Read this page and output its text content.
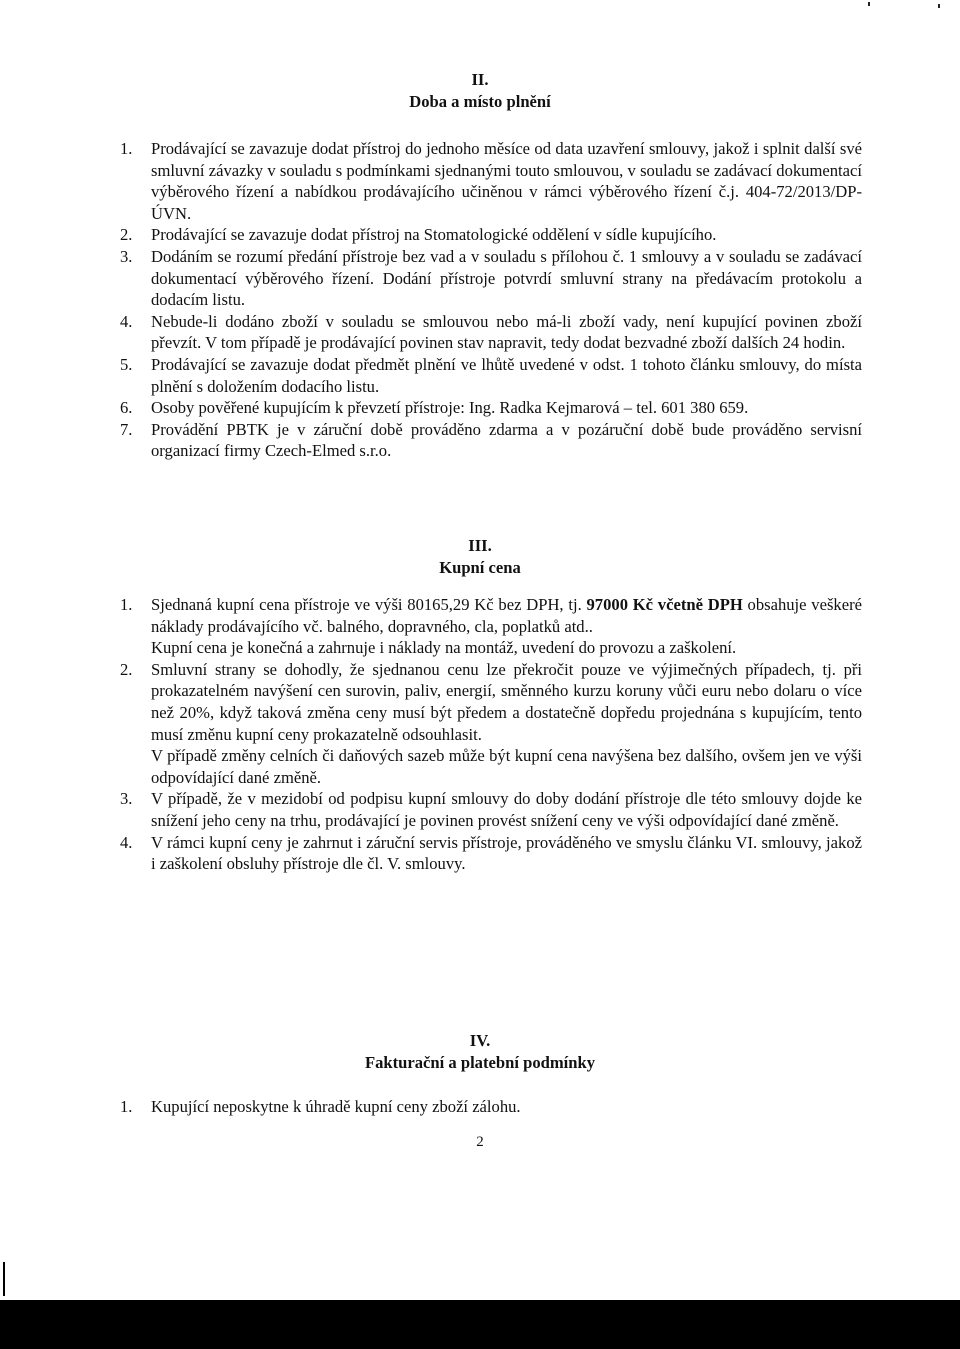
II.
Doba a místo plnění
1.	Prodávající se zavazuje dodat přístroj do jednoho měsíce od data uzavření smlouvy, jakož i splnit další své smluvní závazky v souladu s podmínkami sjednanými touto smlouvou, v souladu se zadávací dokumentací výběrového řízení a nabídkou prodávajícího učiněnou v rámci výběrového řízení č.j. 404-72/2013/DP-ÚVN.
2.	Prodávající se zavazuje dodat přístroj na Stomatologické oddělení v sídle kupujícího.
3.	Dodáním se rozumí předání přístroje bez vad a v souladu s přílohou č. 1 smlouvy a v souladu se zadávací dokumentací výběrového řízení. Dodání přístroje potvrdí smluvní strany na předávacím protokolu a dodacím listu.
4.	Nebude-li dodáno zboží v souladu se smlouvou nebo má-li zboží vady, není kupující povinen zboží převzít. V tom případě je prodávající povinen stav napravit, tedy dodat bezvadné zboží dalších 24 hodin.
5.	Prodávající se zavazuje dodat předmět plnění ve lhůtě uvedené v odst. 1 tohoto článku smlouvy, do místa plnění s doložením dodacího listu.
6.	Osoby pověřené kupujícím k převzetí přístroje: Ing. Radka Kejmarová – tel. 601 380 659.
7.	Provádění PBTK je v záruční době prováděno zdarma a v pozáruční době bude prováděno servisní organizací firmy Czech-Elmed s.r.o.
III.
Kupní cena
1.	Sjednaná kupní cena přístroje ve výši 80165,29 Kč bez DPH, tj. 97000 Kč včetně DPH obsahuje veškeré náklady prodávajícího vč. balného, dopravného, cla, poplatků atd..
Kupní cena je konečná a zahrnuje i náklady na montáž, uvedení do provozu a zaškolení.
2.	Smluvní strany se dohodly, že sjednanou cenu lze překročit pouze ve výjimečných případech, tj. při prokazatelném navýšení cen surovin, paliv, energií, směnného kurzu koruny vůči euru nebo dolaru o více než 20%, když taková změna ceny musí být předem a dostatečně dopředu projednána s kupujícím, tento musí změnu kupní ceny prokazatelně odsouhlasit.
V případě změny celních či daňových sazeb může být kupní cena navýšena bez dalšího, ovšem jen ve výši odpovídající dané změně.
3.	V případě, že v mezidobí od podpisu kupní smlouvy do doby dodání přístroje dle této smlouvy dojde ke snížení jeho ceny na trhu, prodávající je povinen provést snížení ceny ve výši odpovídající dané změně.
4.	V rámci kupní ceny je zahrnut i záruční servis přístroje, prováděného ve smyslu článku VI. smlouvy, jakož i zaškolení obsluhy přístroje dle čl. V. smlouvy.
IV.
Fakturační a platební podmínky
1.	Kupující neposkytne k úhradě kupní ceny zboží zálohu.
2
